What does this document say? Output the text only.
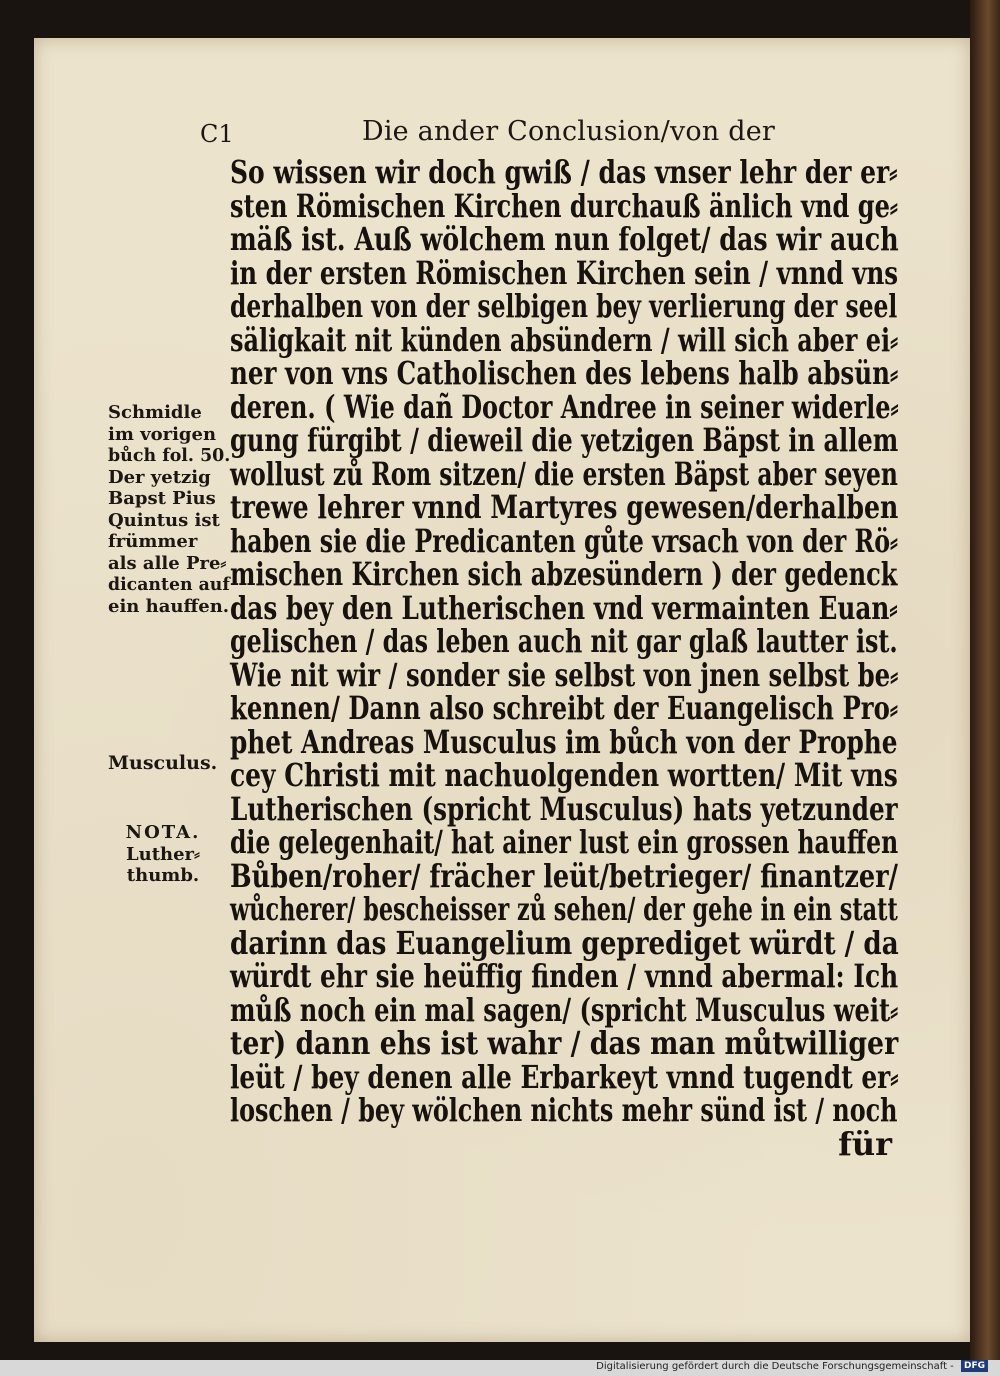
C1	Die ander Conclusion/von der
Schmidle
im vorigen
bůch fol. 50.
Der yetzig
Bapst Pius
Quintus ist
frümmer
als alle Pre⸗
dicanten auf
ein hauffen.
Musculus.
NOTA.
Luther⸗
thumb.
So wissen wir doch gwiß / das vnser lehr der er⸗
sten Römischen Kirchen durchauß änlich vnd ge⸗
mäß ist. Auß wölchem nun folget/ das wir auch
in der ersten Römischen Kirchen sein / vnnd vns
derhalben von der selbigen bey verlierung der seel
säligkait nit künden absündern / will sich aber ei⸗
ner von vns Catholischen des lebens halb absün⸗
deren. ( Wie dañ Doctor Andree in seiner widerle⸗
gung fürgibt / dieweil die yetzigen Bäpst in allem
wollust zů Rom sitzen/ die ersten Bäpst aber seyen
trewe lehrer vnnd Martyres gewesen/derhalben
haben sie die Predicanten gůte vrsach von der Rö⸗
mischen Kirchen sich abzesündern ) der gedenck
das bey den Lutherischen vnd vermainten Euan⸗
gelischen / das leben auch nit gar glaß lautter ist.
Wie nit wir / sonder sie selbst von jnen selbst be⸗
kennen/ Dann also schreibt der Euangelisch Pro⸗
phet Andreas Musculus im bůch von der Prophe
cey Christi mit nachuolgenden wortten/ Mit vns
Lutherischen (spricht Musculus) hats yetzunder
die gelegenhait/ hat ainer lust ein grossen hauffen
Bůben/roher/ frächer leüt/betrieger/ finantzer/
wůcherer/ bescheisser zů sehen/ der gehe in ein statt
darinn das Euangelium geprediget würdt / da
würdt ehr sie heüffig finden / vnnd abermal: Ich
můß noch ein mal sagen/ (spricht Musculus weit⸗
ter) dann ehs ist wahr / das man můtwilliger
leüt / bey denen alle Erbarkeyt vnnd tugendt er⸗
loschen / bey wölchen nichts mehr sünd ist / noch
für
Digitalisierung gefördert durch die Deutsche Forschungsgemeinschaft - DFG
